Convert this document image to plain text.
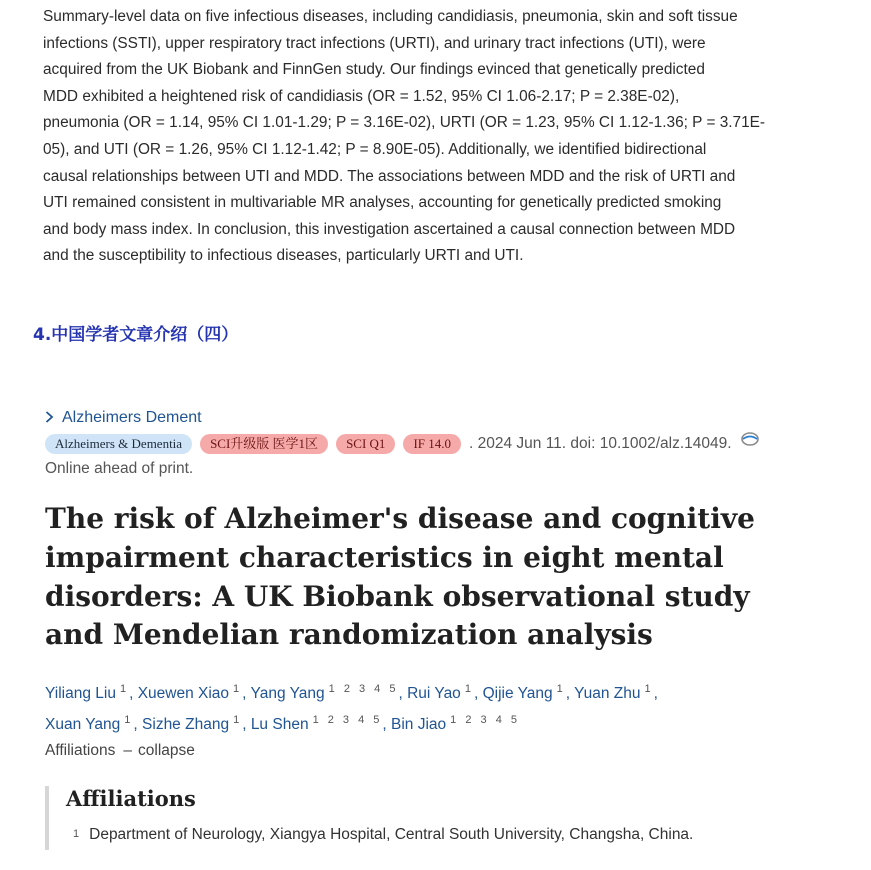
Summary-level data on five infectious diseases, including candidiasis, pneumonia, skin and soft tissue

infections (SSTI), upper respiratory tract infections (URTI), and urinary tract infections (UTI), were

acquired from the UK Biobank and FinnGen study. Our findings evinced that genetically predicted

MDD exhibited a heightened risk of candidiasis (OR = 1.52, 95% CI 1.06-2.17; P = 2.38E-02),

pneumonia (OR = 1.14, 95% CI 1.01-1.29; P = 3.16E-02), URTI (OR = 1.23, 95% CI 1.12-1.36; P = 3.71E-

05), and UTI (OR = 1.26, 95% CI 1.12-1.42; P = 8.90E-05). Additionally, we identified bidirectional

causal relationships between UTI and MDD. The associations between MDD and the risk of URTI and

UTI remained consistent in multivariable MR analyses, accounting for genetically predicted smoking

and body mass index. In conclusion, this investigation ascertained a causal connection between MDD

and the susceptibility to infectious diseases, particularly URTI and UTI.

4.中国学者文章介绍（四）
Alzheimers Dement
Alzheimers & Dementia	SCI升级版 医学1区	SCI Q1	IF 14.0	. 2024 Jun 11. doi: 10.1002/alz.14049.
Online ahead of print.
The risk of Alzheimer's disease and cognitive impairment characteristics in eight mental disorders: A UK Biobank observational study and Mendelian randomization analysis
Yiliang Liu $^1$, Xuewen Xiao $^1$, Yang Yang $^{1 2 3 4 5}$, Rui Yao $^1$, Qijie Yang $^1$, Yuan Zhu $^1$,
Xuan Yang $^1$, Sizhe Zhang $^1$, Lu Shen $^{1 2 3 4 5}$, Bin Jiao $^{1 2 3 4 5}$
Affiliations – collapse
Affiliations
1 Department of Neurology, Xiangya Hospital, Central South University, Changsha, China.
